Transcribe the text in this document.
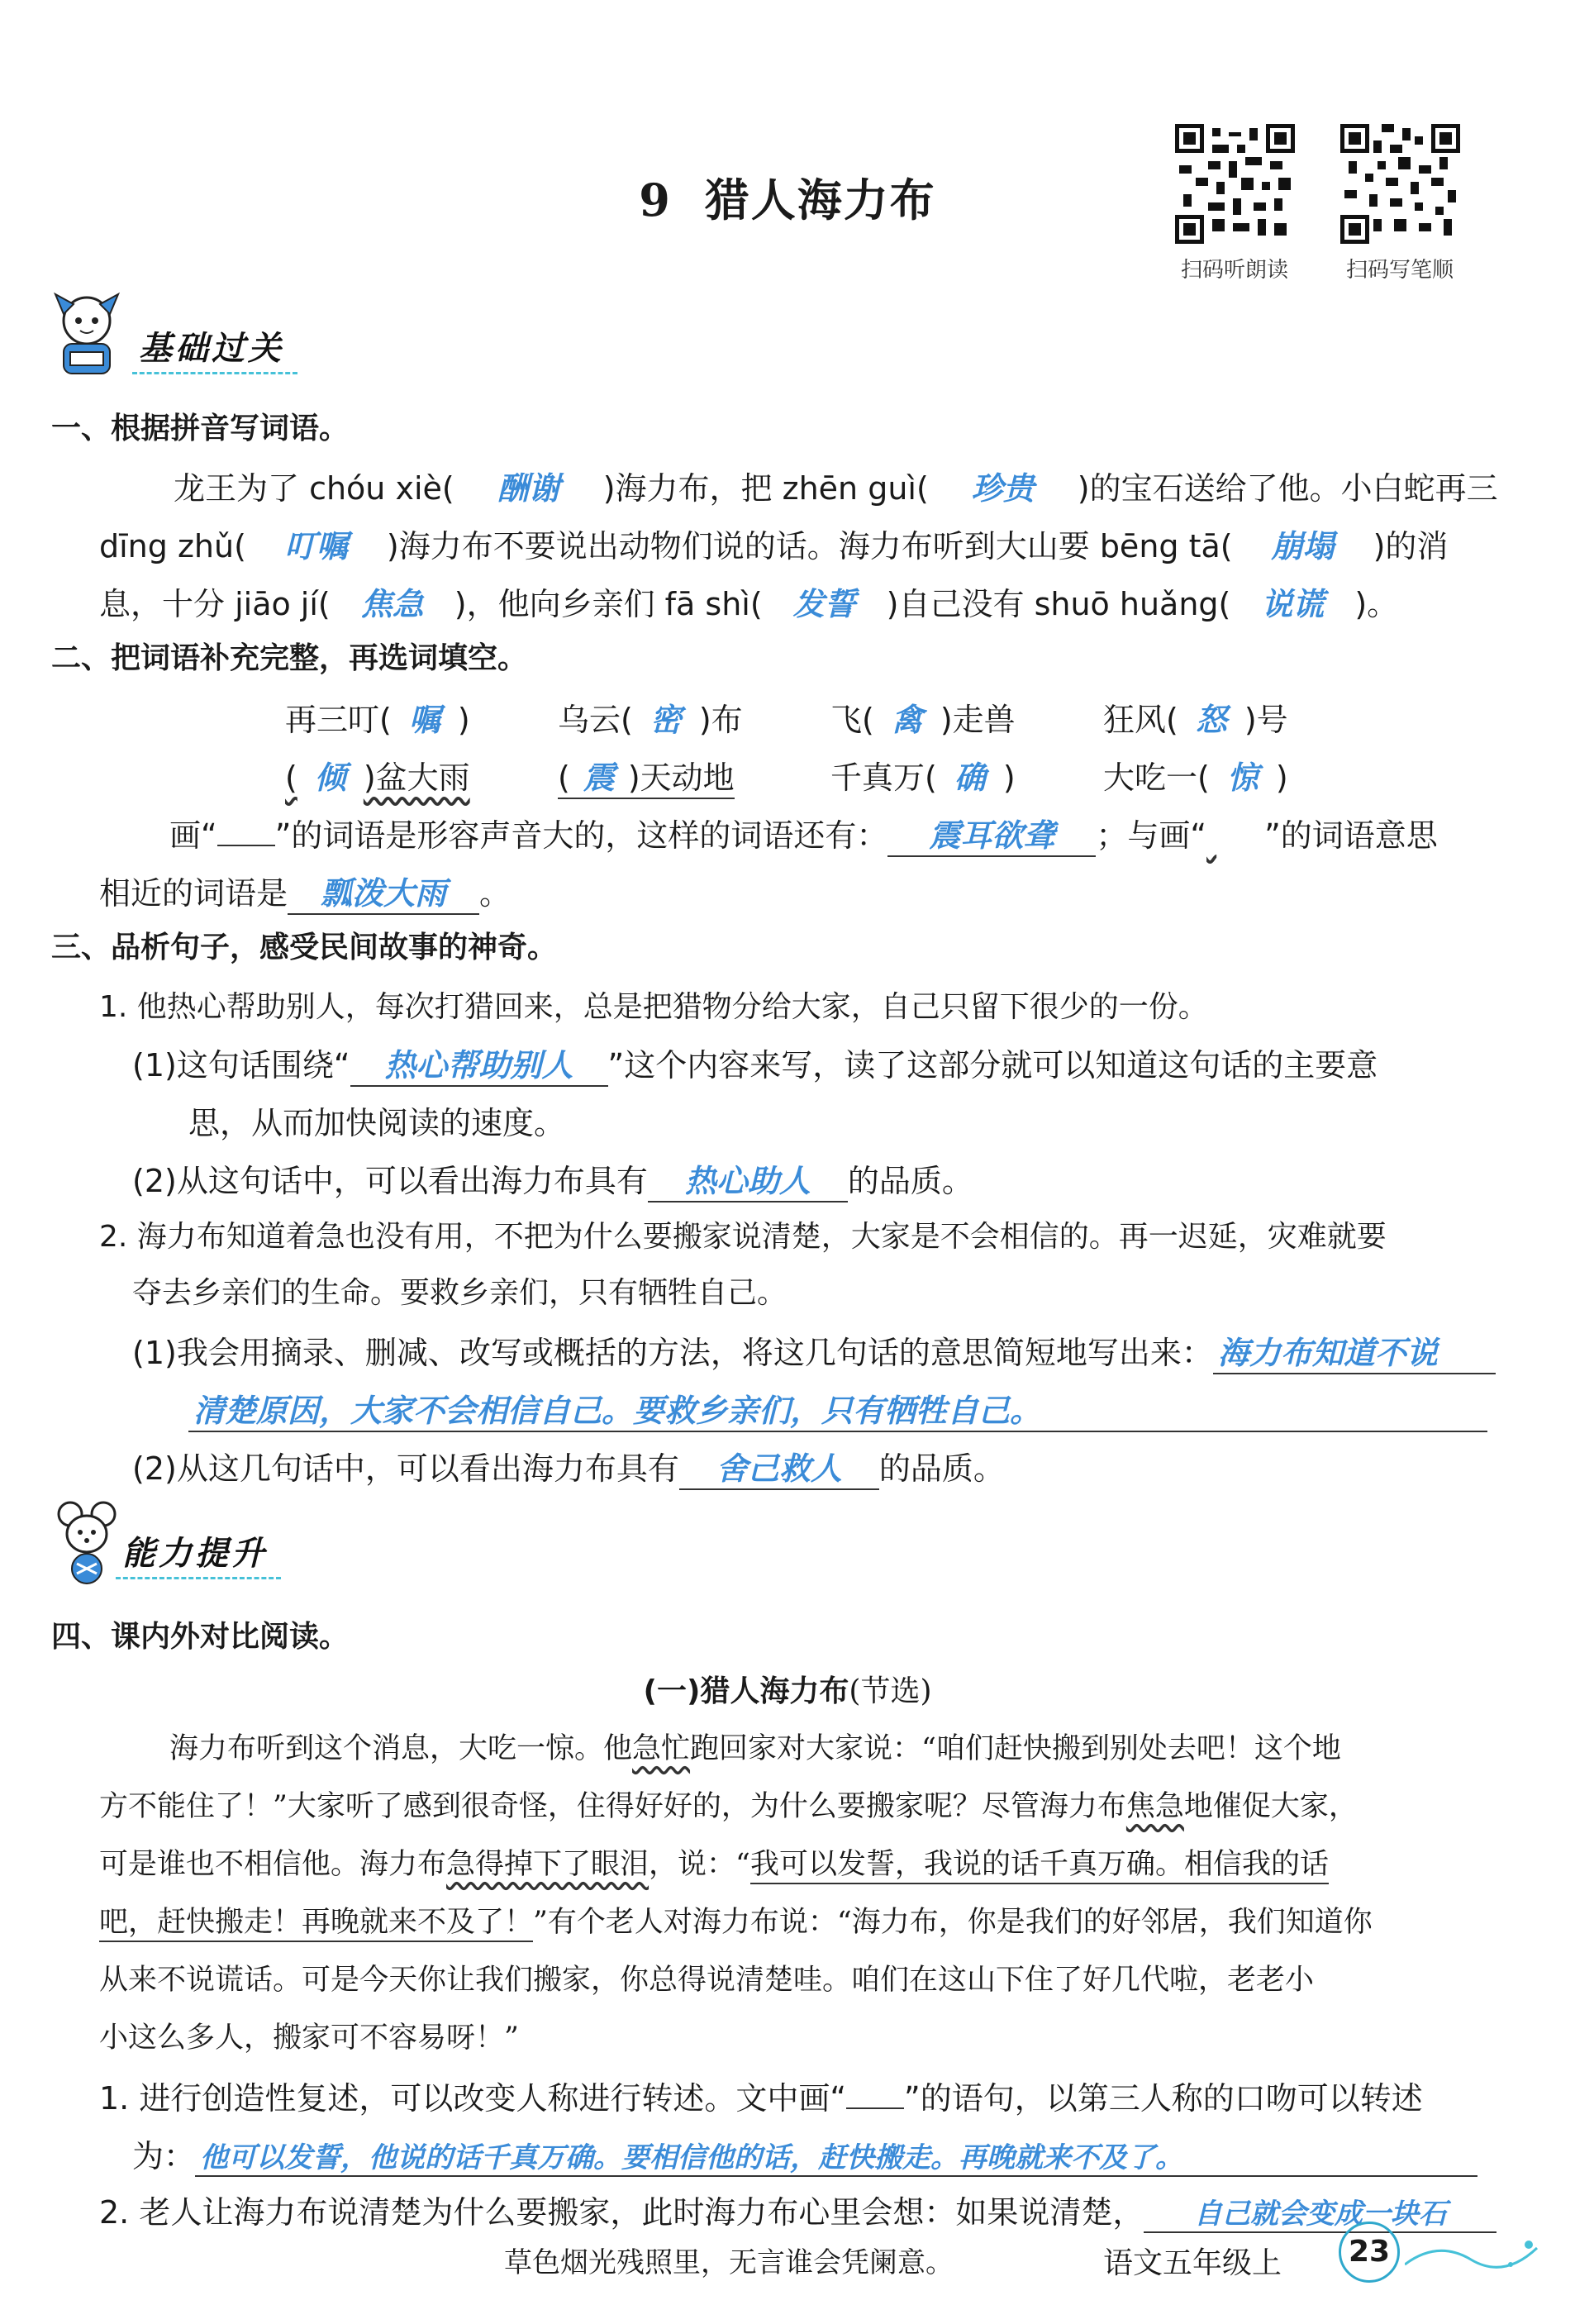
9 猎人海力布
扫码听朗读	扫码写笔顺
基础过关
一、根据拼音写词语。
龙王为了 chóu xiè( 酬谢 )海力布，把 zhēn guì( 珍贵 )的宝石送给了他。小白蛇再三
dīng zhǔ( 叮嘱 )海力布不要说出动物们说的话。海力布听到大山要 bēng tā( 崩塌 )的消
息，十分 jiāo jí( 焦急 )，他向乡亲们 fā shì( 发誓 )自己没有 shuō huǎng( 说谎 )。
二、把词语补充完整，再选词填空。
再三叮( 嘱 )	乌云( 密 )布	飞( 禽 )走兽	狂风( 怒 )号
( 倾 )盆大雨	( 震 )天动地	千真万( 确 )	大吃一( 惊 )
画“ ”的词语是形容声音大的，这样的词语还有： 震耳欲聋 ；与画“​ ”的词语意思
相近的词语是 瓢泼大雨 。
三、品析句子，感受民间故事的神奇。
1. 他热心帮助别人，每次打猎回来，总是把猎物分给大家，自己只留下很少的一份。
(1)这句话围绕“ 热心帮助别人 ”这个内容来写，读了这部分就可以知道这句话的主要意
思，从而加快阅读的速度。
(2)从这句话中，可以看出海力布具有 热心助人 的品质。
2. 海力布知道着急也没有用，不把为什么要搬家说清楚，大家是不会相信的。再一迟延，灾难就要
夺去乡亲们的生命。要救乡亲们，只有牺牲自己。
(1)我会用摘录、删减、改写或概括的方法，将这几句话的意思简短地写出来： 海力布知道不说
清楚原因，大家不会相信自己。要救乡亲们，只有牺牲自己。
(2)从这几句话中，可以看出海力布具有 舍己救人 的品质。
能力提升
四、课内外对比阅读。
(一)猎人海力布(节选)
海力布听到这个消息，大吃一惊。他急忙跑回家对大家说：“咱们赶快搬到别处去吧！这个地
方不能住了！”大家听了感到很奇怪，住得好好的，为什么要搬家呢？尽管海力布焦急地催促大家，
可是谁也不相信他。海力布急得掉下了眼泪，说：“我可以发誓，我说的话千真万确。相信我的话
吧，赶快搬走！再晚就来不及了！”有个老人对海力布说：“海力布，你是我们的好邻居，我们知道你
从来不说谎话。可是今天你让我们搬家，你总得说清楚哇。咱们在这山下住了好几代啦，老老小
小这么多人，搬家可不容易呀！”
1. 进行创造性复述，可以改变人称进行转述。文中画“ ”的语句，以第三人称的口吻可以转述
为： 他可以发誓，他说的话千真万确。要相信他的话，赶快搬走。再晚就来不及了。
2. 老人让海力布说清楚为什么要搬家，此时海力布心里会想：如果说清楚， 自己就会变成一块石
草色烟光残照里，无言谁会凭阑意。	语文五年级上	23
